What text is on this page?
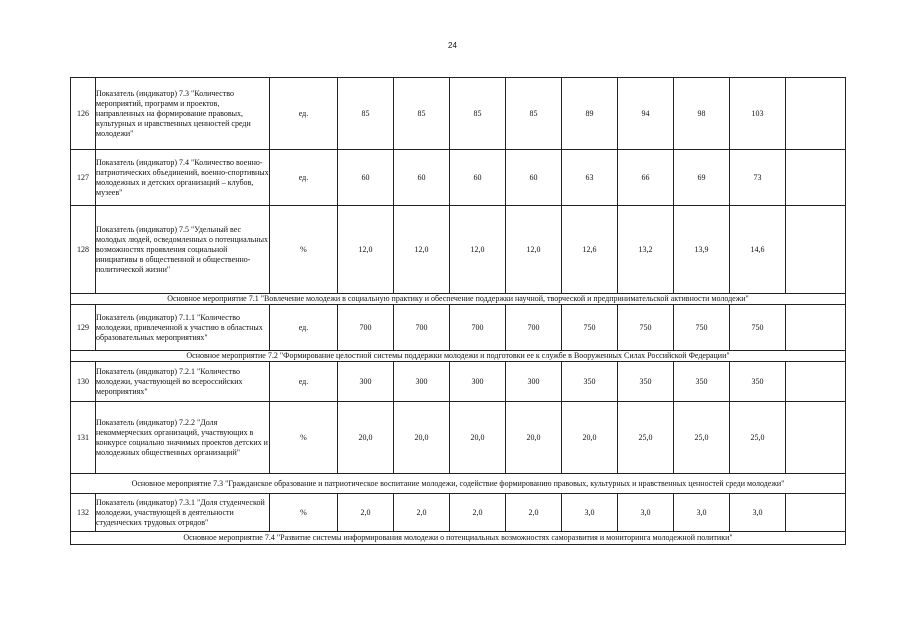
24
126	Показатель (индикатор) 7.3 "Количество мероприятий, программ и проектов, направленных на формирование правовых, культурных и нравственных ценностей среди молодежи"	ед.	85	85	85	85	89	94	98	103	
127	Показатель (индикатор) 7.4 "Количество военно-патриотических объединений, военно-спортивных молодежных и детских организаций – клубов, музеев"	ед.	60	60	60	60	63	66	69	73	
128	Показатель (индикатор) 7.5 "Удельный вес молодых людей, осведомленных о потенциальных возможностях проявления социальной инициативы в общественной и общественно-политической жизни"	%	12,0	12,0	12,0	12,0	12,6	13,2	13,9	14,6	
Основное мероприятие 7.1 "Вовлечение молодежи в социальную практику и обеспечение поддержки научной, творческой и предпринимательской активности молодежи"											
129	Показатель (индикатор) 7.1.1 "Количество молодежи, привлеченной к участию в областных образовательных мероприятиях"	ед.	700	700	700	700	750	750	750	750	
Основное мероприятие 7.2 "Формирование целостной системы поддержки молодежи и подготовки ее к службе в Вооруженных Силах Российской Федерации"											
130	Показатель (индикатор) 7.2.1 "Количество молодежи, участвующей во всероссийских мероприятиях"	ед.	300	300	300	300	350	350	350	350	
131	Показатель (индикатор) 7.2.2 "Доля некоммерческих организаций, участвующих в конкурсе социально значимых проектов детских и молодежных общественных организаций"	%	20,0	20,0	20,0	20,0	20,0	25,0	25,0	25,0	
Основное мероприятие 7.3 "Гражданское образование и патриотическое воспитание молодежи, содействие формированию правовых, культурных и нравственных ценностей среди молодежи"											
132	Показатель (индикатор) 7.3.1 "Доля студенческой молодежи, участвующей в деятельности студенческих трудовых отрядов"	%	2,0	2,0	2,0	2,0	3,0	3,0	3,0	3,0	
Основное мероприятие 7.4 "Развитие системы информирования молодежи о потенциальных возможностях саморазвития и мониторинга молодежной политики"											
